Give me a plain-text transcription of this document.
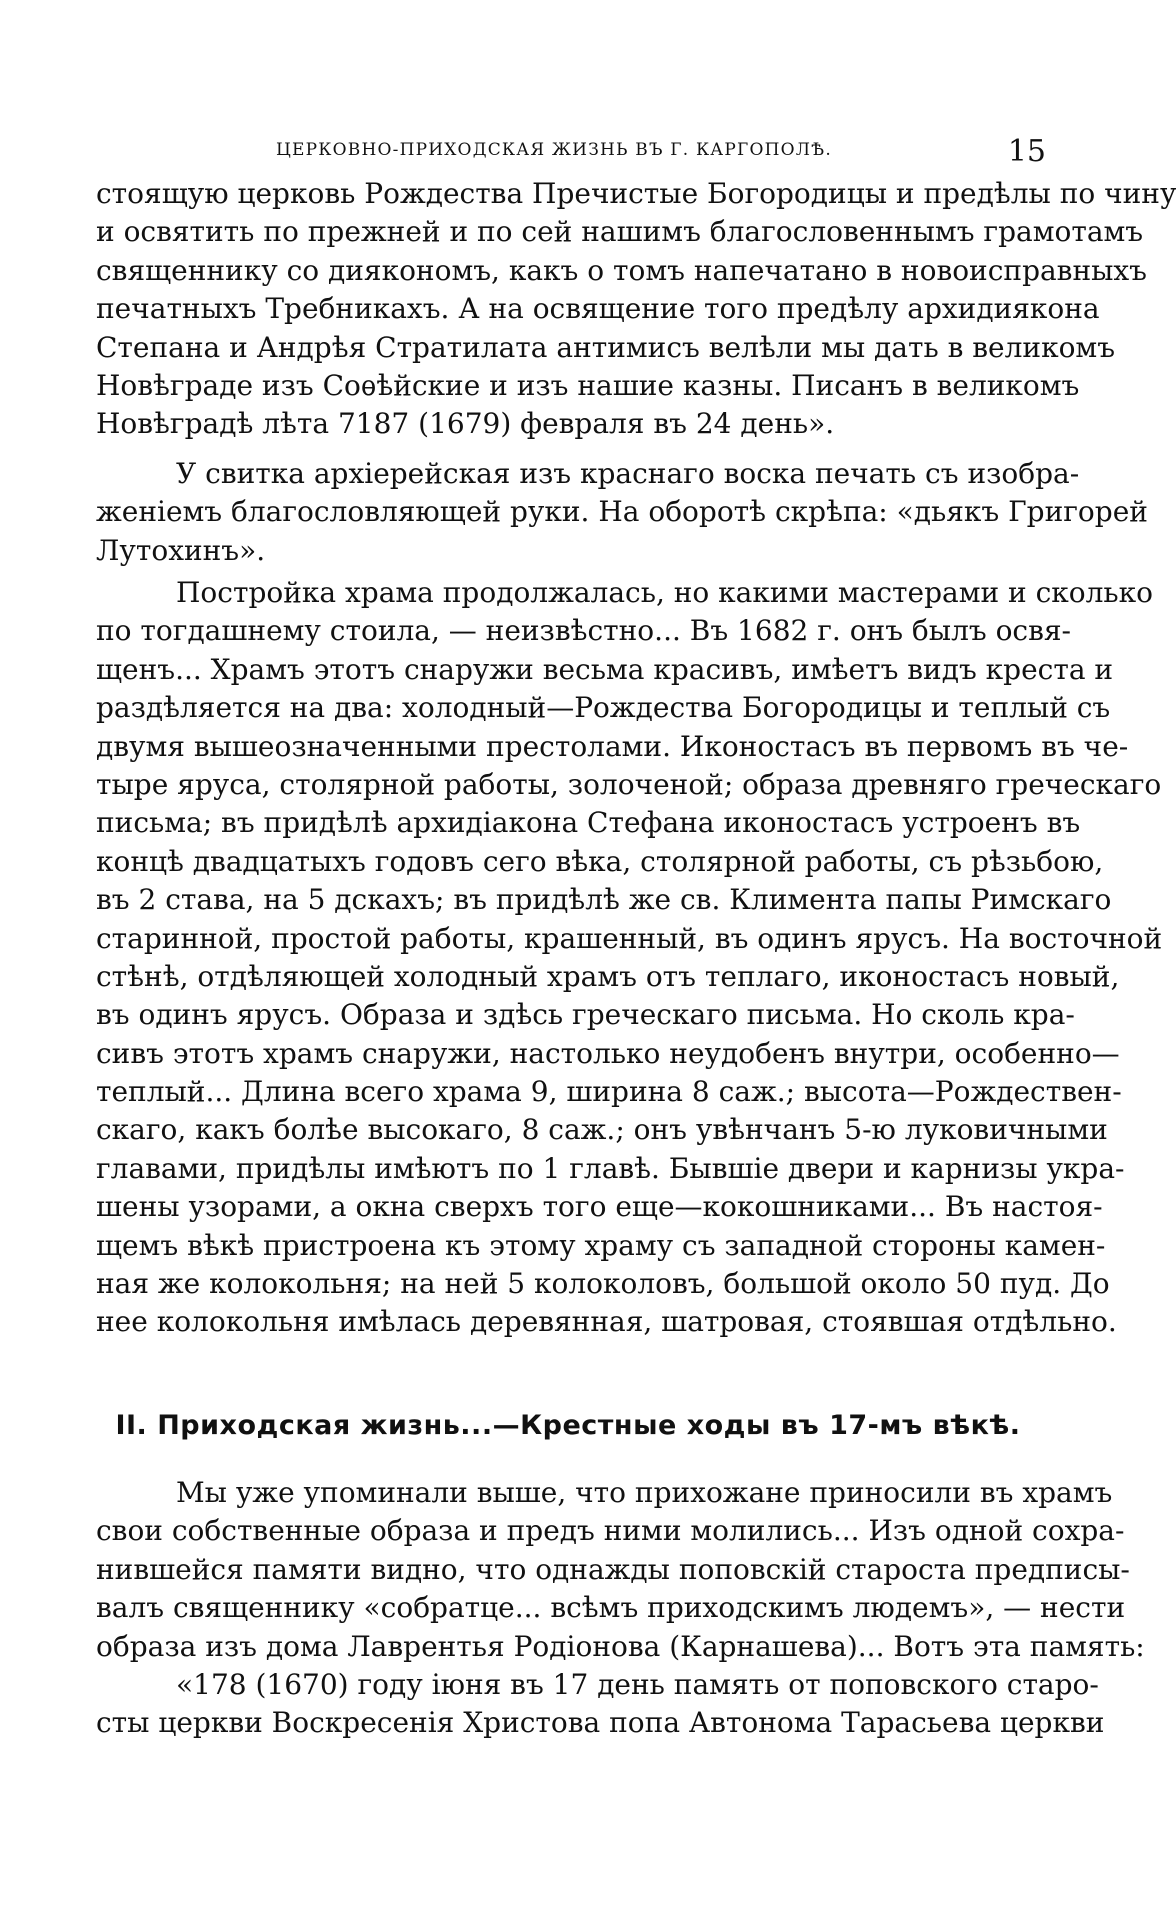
ЦЕРКОВНО-ПРИХОДСКАЯ ЖИЗНЬ ВЪ Г. КАРГОПОЛѢ.	15
стоящую церковь Рождества Пречистые Богородицы и предѣлы по чину
и освятить по прежней и по сей нашимъ благословеннымъ грамотамъ
священнику со диякономъ, какъ о томъ напечатано в новоисправныхъ
печатныхъ Требникахъ. А на освящение того предѣлу архидиякона
Степана и Андрѣя Стратилата антимисъ велѣли мы дать в великомъ
Новѣграде изъ Соѳѣйские и изъ нашие казны. Писанъ в великомъ
Новѣградѣ лѣта 7187 (1679) февраля въ 24 день».
У свитка архіерейская изъ краснаго воска печать съ изобра-
женіемъ благословляющей руки. На оборотѣ скрѣпа: «дьякъ Григорей
Лутохинъ».
Постройка храма продолжалась, но какими мастерами и сколько
по тогдашнему стоила, — неизвѣстно... Въ 1682 г. онъ былъ освя-
щенъ... Храмъ этотъ снаружи весьма красивъ, имѣетъ видъ креста и
раздѣляется на два: холодный—Рождества Богородицы и теплый съ
двумя вышеозначенными престолами. Иконостасъ въ первомъ въ че-
тыре яруса, столярной работы, золоченой; образа древняго греческаго
письма; въ придѣлѣ архидіакона Стефана иконостасъ устроенъ въ
концѣ двадцатыхъ годовъ сего вѣка, столярной работы, съ рѣзьбою,
въ 2 става, на 5 дскахъ; въ придѣлѣ же св. Климента папы Римскаго
старинной, простой работы, крашенный, въ одинъ ярусъ. На восточной
стѣнѣ, отдѣляющей холодный храмъ отъ теплаго, иконостасъ новый,
въ одинъ ярусъ. Образа и здѣсь греческаго письма. Но сколь кра-
сивъ этотъ храмъ снаружи, настолько неудобенъ внутри, особенно—
теплый... Длина всего храма 9, ширина 8 саж.; высота—Рождествен-
скаго, какъ болѣе высокаго, 8 саж.; онъ увѣнчанъ 5-ю луковичными
главами, придѣлы имѣютъ по 1 главѣ. Бывшіе двери и карнизы укра-
шены узорами, а окна сверхъ того еще—кокошниками... Въ настоя-
щемъ вѣкѣ пристроена къ этому храму съ западной стороны камен-
ная же колокольня; на ней 5 колоколовъ, большой около 50 пуд. До
нее колокольня имѣлась деревянная, шатровая, стоявшая отдѣльно.
II. Приходская жизнь...—Крестные ходы въ 17-мъ вѣкѣ.
Мы уже упоминали выше, что прихожане приносили въ храмъ
свои собственные образа и предъ ними молились... Изъ одной сохра-
нившейся памяти видно, что однажды поповскій староста предписы-
валъ священнику «собратце... всѣмъ приходскимъ людемъ», — нести
образа изъ дома Лаврентья Родіонова (Карнашева)... Вотъ эта память:
«178 (1670) году іюня въ 17 день память от поповского старо-
сты церкви Воскресенія Христова попа Автонома Тарасьева церкви
